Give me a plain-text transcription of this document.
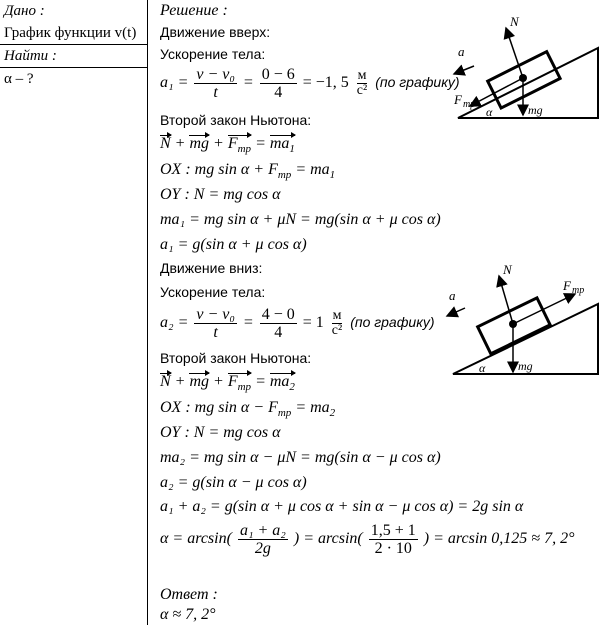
Дано :
График функции v(t)
Найти :
α – ?
Решение :
Движение вверх:
Ускорение тела:
$a_1 = \frac{\text{v − v₀}}{t} = \frac{0 - 6}{4} = -1$, $5 \frac{м}{\text{с²}} (по$ графику)
Второй закон Ньютона:
N + mg + $F_{тр} = ma_1$
OX : mg $\sin \alpha + F_{тр} = ma_1$
OY : N = mg cos α
ma₁ = mg sin α + μN = mg(sin α + μ cos α)
a₁ = g(sin α + μ cos α)
Движение вниз:
Ускорение тела:
$a_2 = \frac{\text{v − v₀}}{t} = \frac{4 - 0}{4} = 1 \frac{м}{\text{с²}} (по$ графику)
Второй закон Ньютона:
N + mg + $F_{тр} = ma_2$
OX : mg $\sin \alpha - F_{тр} = ma_2$
OY : N = mg cos α
ma₂ = mg sin α − μN = mg(sin α − μ cos α)
a₂ = g(sin α − μ cos α)
a₁ + a₂ = g(sin α + μ cos α + sin α − μ cos α) = 2g sin α
$\alpha = \arcsin( \frac{\text{a₁ + a₂}}{2g}$ ) = $\arcsin( \frac{1,5 + 1}{2 \cdot 10}$ ) = arcsin 0,125 ≈ 7, 2°
Ответ :
α ≈ 7, 2°
N
a
mg
F тр
α
N
a
mg
F тр
α
